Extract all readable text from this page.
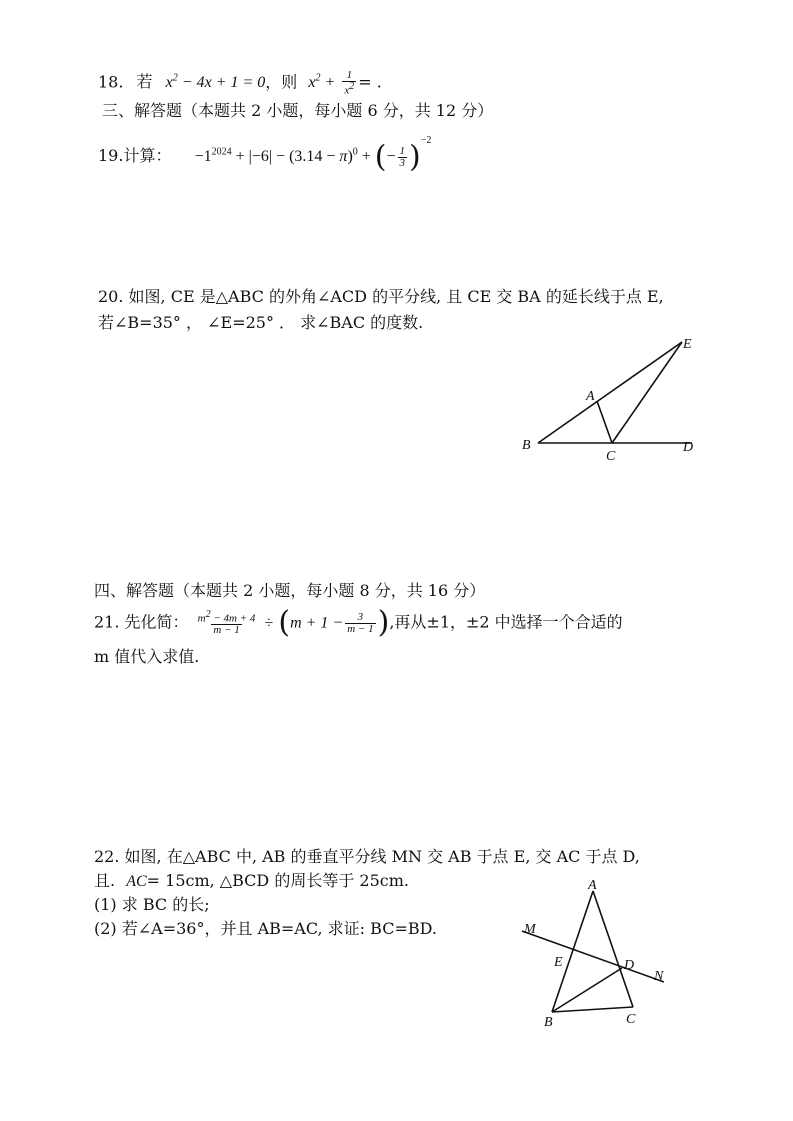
18. 若 $x^2 - 4x + 1 = 0$，则 $x^2 + \frac{1}{x^2}$ = .
三、解答题（本题共 2 小题，每小题 6 分，共 12 分）
19.计算： $-1^{2024} + |-6| - (3.14 - \pi)^0$ + (− $\frac{1}{3} )^{-2}$
20. 如图, CE 是△ABC 的外角∠ACD 的平分线, 且 CE 交 BA 的延长线于点 E,
若∠B=35° ， ∠E=25° ． 求∠BAC 的度数.
B
C
D
A
E
四、解答题（本题共 2 小题，每小题 8 分，共 16 分）
21. 先化简： $\frac{m^2 - 4m + 4}{m - 1} \div (m + 1 - \frac{3}{m - 1}$ ),再从±1，±2 中选择一个合适的
m 值代入求值.
22. 如图, 在△ABC 中, AB 的垂直平分线 MN 交 AB 于点 E, 交 AC 于点 D,
且. AC= 15cm, △BCD 的周长等于 25cm.
(1) 求 BC 的长;
(2) 若∠A=36°，并且 AB=AC, 求证: BC=BD.
A
B	C
D
E
M
N
